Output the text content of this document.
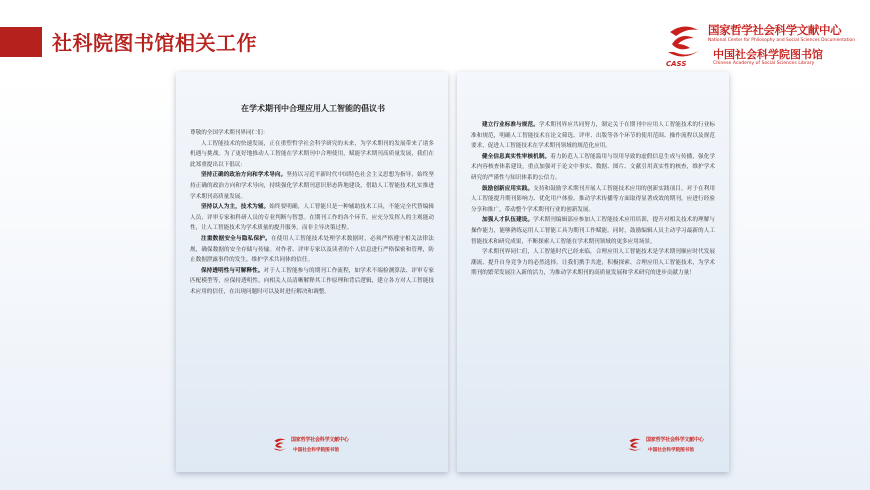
社科院图书馆相关工作
CASS
国家哲学社会科学文献中心
National Center for Philosophy and Social Sciences Documentation
中国社会科学院图书馆
Chinese Academy of Social Sciences Library
在学术期刊中合理应用人工智能的倡议书
尊敬的全国学术期刊界同仁们：
人工智能技术的快速发展，正在重塑哲学社会科学研究的未来，为学术期刊的发展带来了诸多机遇与挑战。为了更好地推动人工智能在学术期刊中合理使用，赋能学术期刊高质量发展，我们在此郑重提出以下倡议：
坚持正确的政治方向和学术导向。坚持以习近平新时代中国特色社会主义思想为指导，始终坚持正确的政治方向和学术导向，持续强化学术期刊意识形态阵地建设，借助人工智能技术扎实推进学术期刊高质量发展。
坚持以人为主，技术为辅。始终要明确，人工智能只是一种辅助技术工具，不能完全代替编辑人员、评审专家和科研人员的专业判断与智慧。在期刊工作的各个环节，应充分发挥人的主观能动性，让人工智能技术为学术质量的提升服务，而非主导决策过程。
注重数据安全与隐私保护。在使用人工智能技术处理学术数据时，必须严格遵守相关法律法规，确保数据的安全存储与传输。对作者、评审专家以及读者的个人信息进行严格保密和管理，防止数据泄露事件的发生，维护学术共同体的信任。
保持透明性与可解释性。对于人工智能参与的期刊工作流程，如学术不端检测算法、评审专家匹配模型等，应保持透明性，向相关人员清晰解释其工作原理和背后逻辑，建立各方对人工智能技术应用的信任，在出现问题时可以及时进行解决和调整。
国家哲学社会科学文献中心
中国社会科学院图书馆
建立行业标准与规范。学术期刊界应共同努力，制定关于在期刊中应用人工智能技术的行业标准和规范，明确人工智能技术在论文筛选、评审、出版等各个环节的使用范围、操作流程以及规范要求，促进人工智能技术在学术期刊领域的规范化应用。
健全信息真实性审核机制。着力防范人工智能滥用与误用导致的虚假信息生成与传播，强化学术内容核查体系建设，重点加强对于论文中事实、数据、图片、文献引用真实性的核查，维护学术研究的严谨性与知识体系的公信力。
鼓励创新应用实践。支持和鼓励学术期刊开展人工智能技术应用的创新实践项目。对于在利用人工智能提升期刊影响力、优化用户体验、推动学术传播等方面取得显著成效的期刊，应进行经验分享和推广，带动整个学术期刊行业的创新发展。
加强人才队伍建设。学术期刊编辑部应参加人工智能技术应用培训，提升对相关技术的理解与操作能力，能够熟练运用人工智能工具为期刊工作赋能。同时，鼓励编辑人员主动学习最新的人工智能技术和研究成果，不断探索人工智能在学术期刊领域的更多应用场景。
学术期刊界同仁们，人工智能时代已经来临，合理应用人工智能技术是学术期刊顺应时代发展潮流、提升自身竞争力的必然选择。让我们携手共进，积极探索、合理应用人工智能技术，为学术期刊的繁荣发展注入新的活力，为推动学术期刊的高质量发展和学术研究的进步贡献力量！
国家哲学社会科学文献中心
中国社会科学院图书馆
